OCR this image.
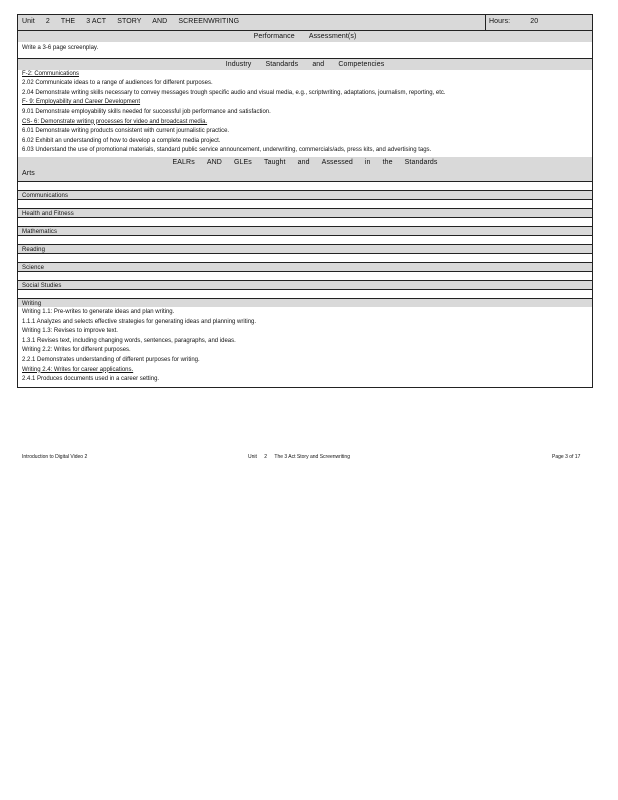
Unit 2 THE 3 ACT STORY AND SCREENWRITING	Hours:	20
Performance Assessment(s)
Write a 3-6 page screenplay.
Industry Standards and Competencies
F-2: Communications
2.02 Communicate ideas to a range of audiences for different purposes.
2.04 Demonstrate writing skills necessary to convey messages trough specific audio and visual media, e.g., scriptwriting, adaptations, journalism, reporting, etc.
F- 9: Employability and Career Development
9.01 Demonstrate employability skills needed for successful job performance and satisfaction.
CS- 6: Demonstrate writing processes for video and broadcast media.
6.01 Demonstrate writing products consistent with current journalistic practice.
6.02 Exhibit an understanding of how to develop a complete media project.
6.03 Understand the use of promotional materials, standard public service announcement, underwriting, commercials/ads, press kits, and advertising tags.
EALRs AND GLEs Taught and Assessed in the Standards
Arts
Communications
Health and Fitness
Mathematics
Reading
Science
Social Studies
Writing
Writing 1.1: Pre-writes to generate ideas and plan writing.
1.1.1 Analyzes and selects effective strategies for generating ideas and planning writing.
Writing 1.3: Revises to improve text.
1.3.1 Revises text, including changing words, sentences, paragraphs, and ideas.
Writing 2.2: Writes for different purposes.
2.2.1 Demonstrates understanding of different purposes for writing.
Writing 2.4: Writes for career applications.
2.4.1 Produces documents used in a career setting.
Introduction to Digital Video 2	Unit 2 The 3 Act Story and Screenwriting	Page 3 of 17
